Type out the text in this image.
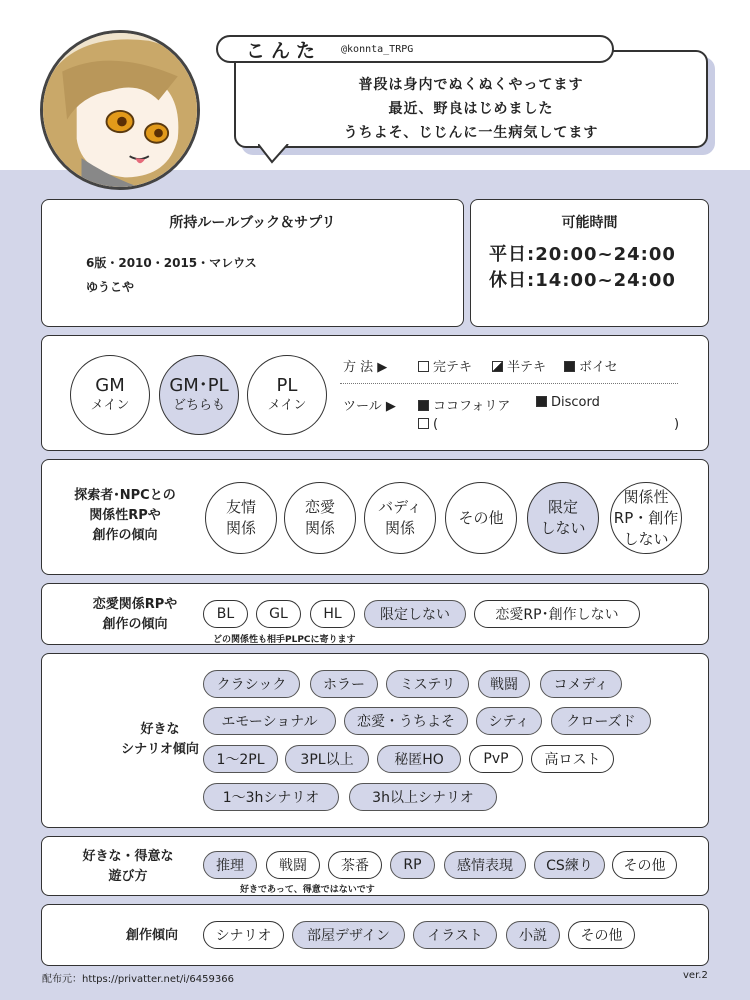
普段は身内でぬくぬくやってます
最近、野良はじめました
うちよそ、じじんに一生病気してます
こんた @konnta_TRPG
所持ルールブック＆サプリ
6版・2010・2015・マレウス
ゆうこや
可能時間
平日:20:00~24:00
休日:14:00~24:00
GM
メイン
GM･PL
どちらも
PL
メイン
方 法 ▶	完テキ	半テキ	ボイセ
ツール ▶	ココフォリア	Discord
(	)
探索者･NPCとの
関係性RPや
創作の傾向
友情
関係
恋愛
関係
バディ
関係
その他
限定
しない
関係性
RP・創作
しない
恋愛関係RPや
創作の傾向
BL	GL	HL	限定しない	恋愛RP･創作しない
どの関係性も相手PLPCに寄ります
好きな
シナリオ傾向
クラシック	ホラー	ミステリ	戦闘	コメディ
エモーショナル	恋愛・うちよそ	シティ	クローズド
1～2PL	3PL以上	秘匿HO	PvP	高ロスト
1～3hシナリオ	3h以上シナリオ
好きな・得意な
遊び方
推理	戦闘	茶番	RP	感情表現	CS練り	その他
好きであって、得意ではないです
創作傾向	シナリオ	部屋デザイン	イラスト	小説	その他
配布元：https://privatter.net/i/6459366	ver.2
